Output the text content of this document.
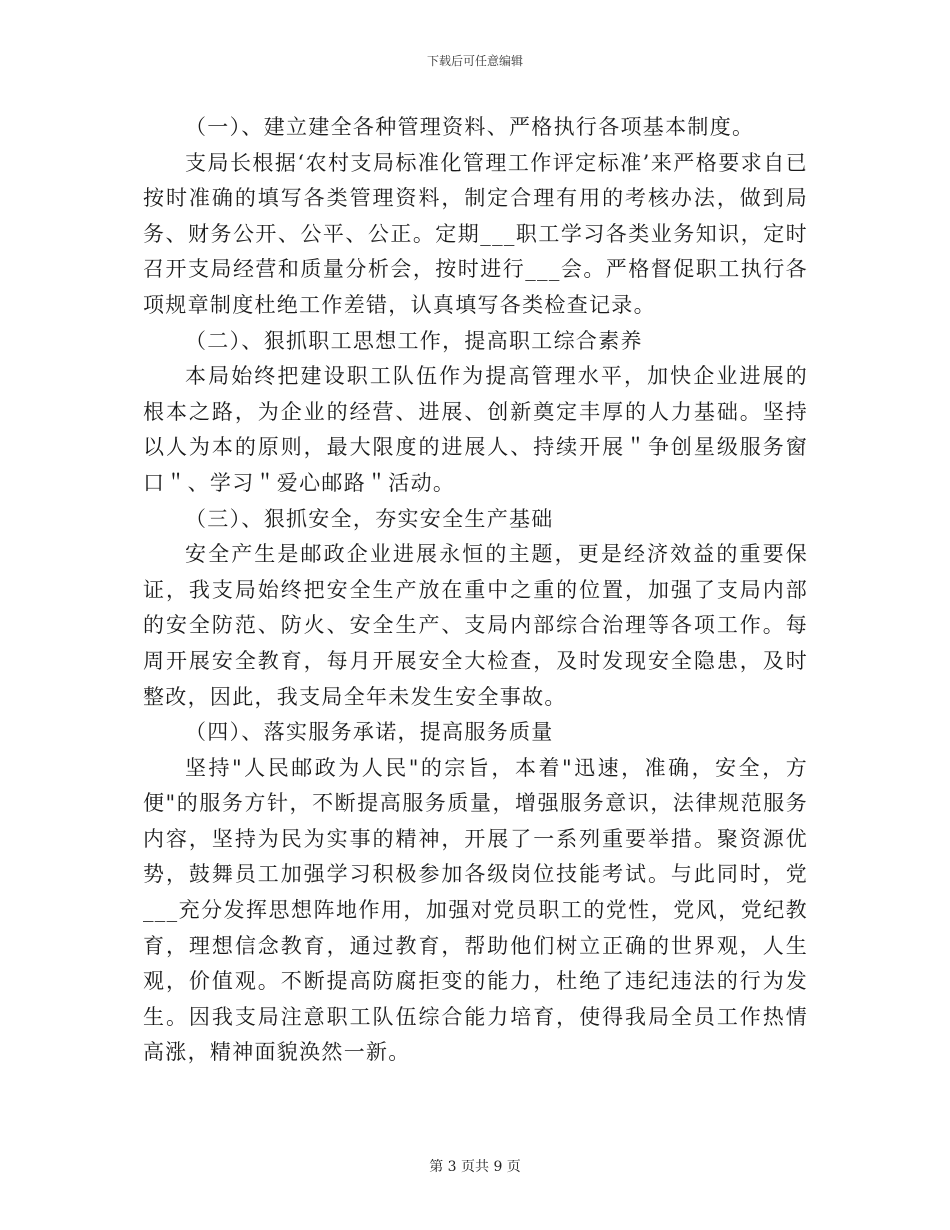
下载后可任意编辑

（一）、建立建全各种管理资料、严格执行各项基本制度。

支局长根据‘农村支局标准化管理工作评定标准’来严格要求自已按时准确的填写各类管理资料，制定合理有用的考核办法，做到局务、财务公开、公平、公正。定期___职工学习各类业务知识，定时召开支局经营和质量分析会，按时进行___会。严格督促职工执行各项规章制度杜绝工作差错，认真填写各类检查记录。

（二）、狠抓职工思想工作，提高职工综合素养

本局始终把建设职工队伍作为提高管理水平，加快企业进展的根本之路，为企业的经营、进展、创新奠定丰厚的人力基础。坚持以人为本的原则，最大限度的进展人、持续开展＂争创星级服务窗口＂、学习＂爱心邮路＂活动。

（三）、狠抓安全，夯实安全生产基础

安全产生是邮政企业进展永恒的主题，更是经济效益的重要保证，我支局始终把安全生产放在重中之重的位置，加强了支局内部的安全防范、防火、安全生产、支局内部综合治理等各项工作。每周开展安全教育，每月开展安全大检查，及时发现安全隐患，及时整改，因此，我支局全年未发生安全事故。

（四）、落实服务承诺，提高服务质量

坚持"人民邮政为人民"的宗旨，本着"迅速，准确，安全，方便"的服务方针，不断提高服务质量，增强服务意识，法律规范服务内容，坚持为民为实事的精神，开展了一系列重要举措。聚资源优势，鼓舞员工加强学习积极参加各级岗位技能考试。与此同时，党___充分发挥思想阵地作用，加强对党员职工的党性，党风，党纪教育，理想信念教育，通过教育，帮助他们树立正确的世界观，人生观，价值观。不断提高防腐拒变的能力，杜绝了违纪违法的行为发生。因我支局注意职工队伍综合能力培育，使得我局全员工作热情高涨，精神面貌涣然一新。

第 3 页共 9 页
